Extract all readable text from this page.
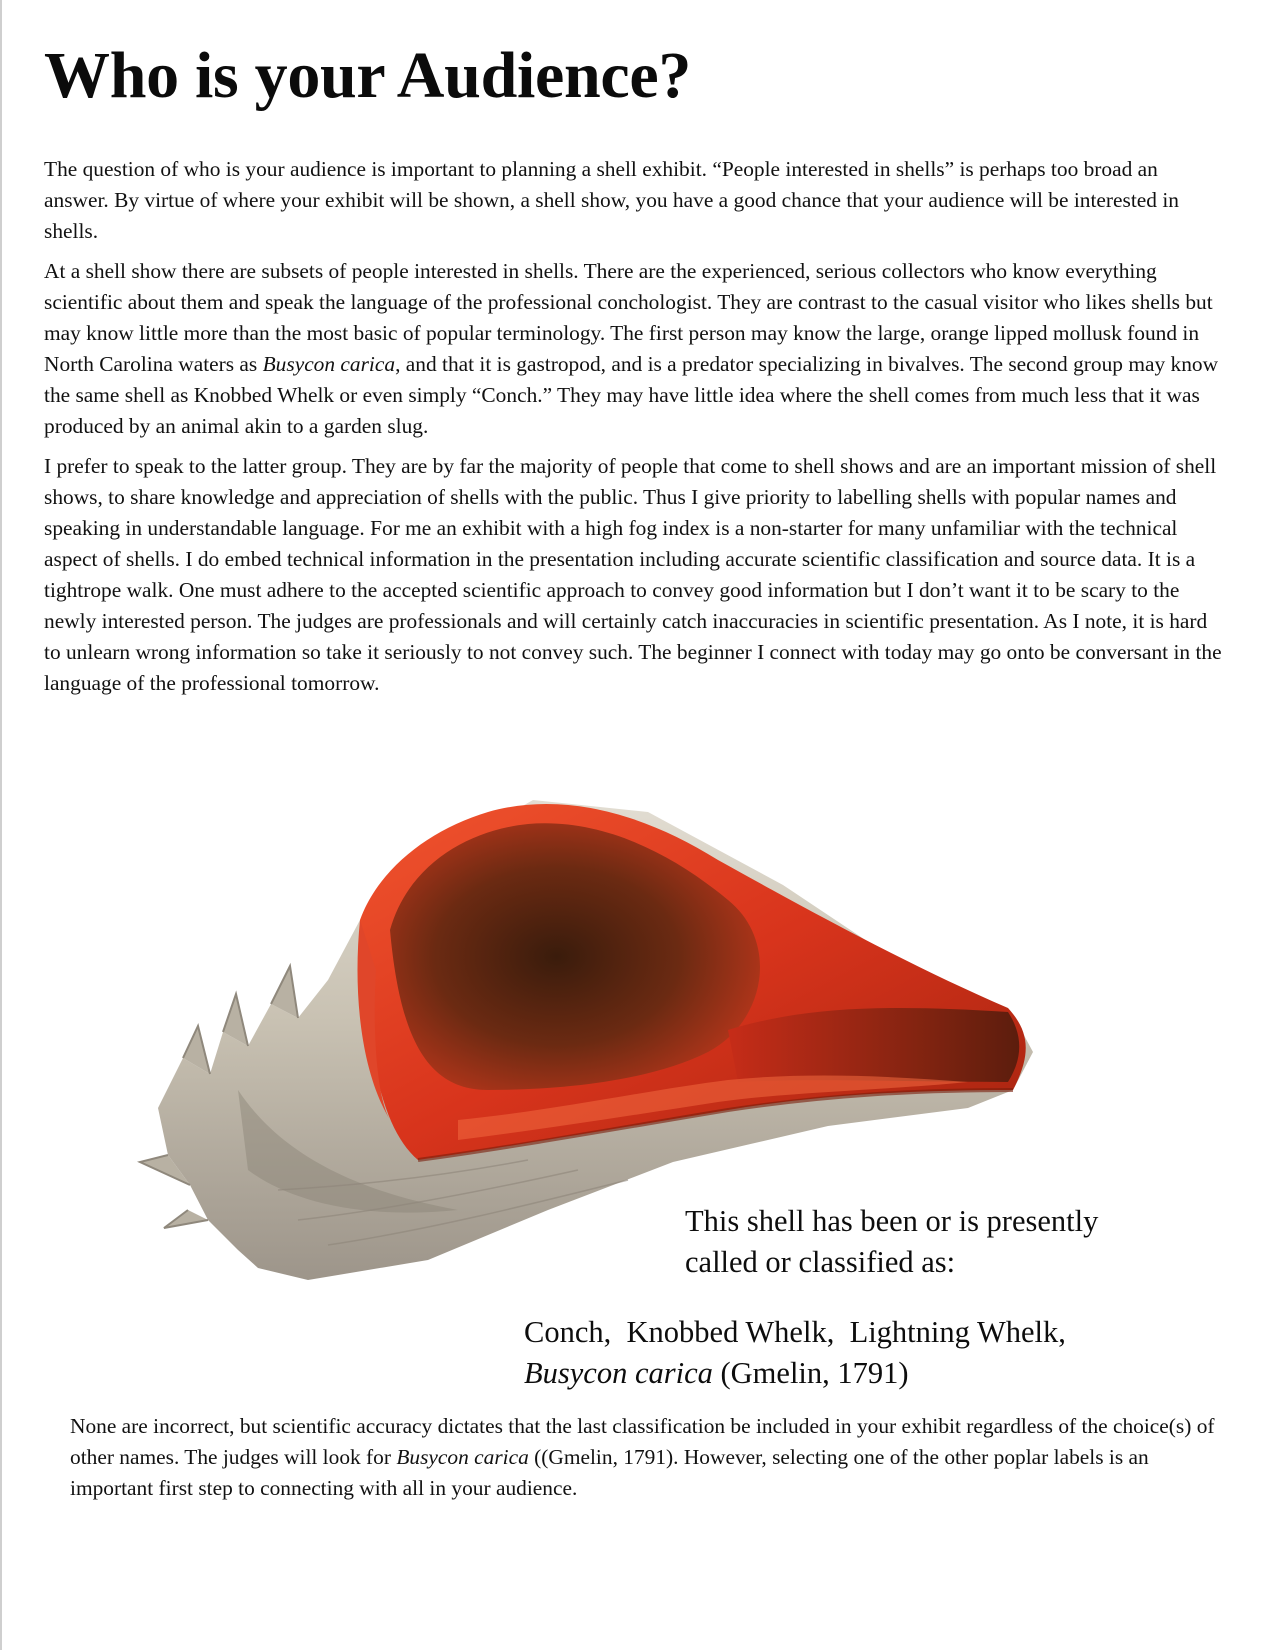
Who is your Audience?

The question of who is your audience is important to planning a shell exhibit. “People interested in shells” is perhaps too broad an answer. By virtue of where your exhibit will be shown, a shell show, you have a good chance that your audience will be interested in shells.

At a shell show there are subsets of people interested in shells. There are the experienced, serious collectors who know everything scientific about them and speak the language of the professional conchologist. They are contrast to the casual visitor who likes shells but may know little more than the most basic of popular terminology. The first person may know the large, orange lipped mollusk found in North Carolina waters as Busycon carica, and that it is gastropod, and is a predator specializing in bivalves. The second group may know the same shell as Knobbed Whelk or even simply “Conch.” They may have little idea where the shell comes from much less that it was produced by an animal akin to a garden slug.

I prefer to speak to the latter group. They are by far the majority of people that come to shell shows and are an important mission of shell shows, to share knowledge and appreciation of shells with the public. Thus I give priority to labelling shells with popular names and speaking in understandable language. For me an exhibit with a high fog index is a non-starter for many unfamiliar with the technical aspect of shells. I do embed technical information in the presentation including accurate scientific classification and source data. It is a tightrope walk. One must adhere to the accepted scientific approach to convey good information but I don’t want it to be scary to the newly interested person. The judges are professionals and will certainly catch inaccuracies in scientific presentation. As I note, it is hard to unlearn wrong information so take it seriously to not convey such. The beginner I connect with today may go onto be conversant in the language of the professional tomorrow.

This shell has been or is presently
called or classified as:

Conch,  Knobbed Whelk,  Lightning Whelk,
Busycon carica (Gmelin, 1791)

None are incorrect, but scientific accuracy dictates that the last classification be included in your exhibit regardless of the choice(s) of other names. The judges will look for Busycon carica ((Gmelin, 1791). However, selecting one of the other poplar labels is an important first step to connecting with all in your audience.
